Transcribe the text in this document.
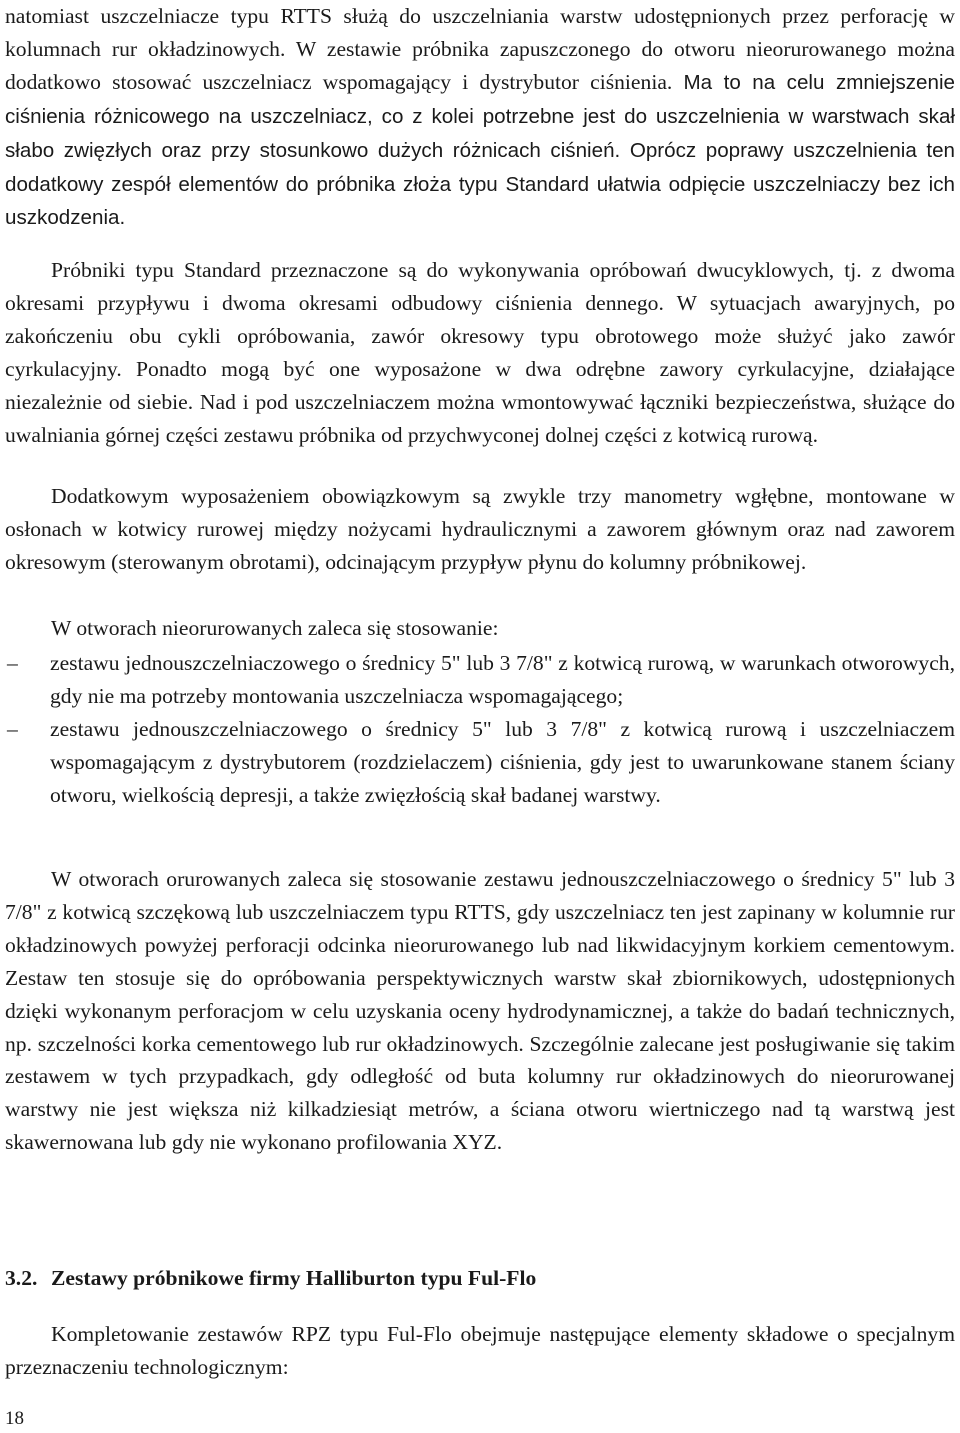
natomiast uszczelniacze typu RTTS służą do uszczelniania warstw udostępnionych przez perforację w kolumnach rur okładzinowych. W zestawie próbnika zapuszczonego do otworu nieorurowanego można dodatkowo stosować uszczelniacz wspomagający i dystrybutor ciśnienia. Ma to na celu zmniejszenie ciśnienia różnicowego na uszczelniacz, co z kolei potrzebne jest do uszczelnienia w warstwach skał słabo zwięzłych oraz przy stosunkowo dużych różnicach ciśnień. Oprócz poprawy uszczelnienia ten dodatkowy zespół elementów do próbnika złoża typu Standard ułatwia odpięcie uszczelniaczy bez ich uszkodzenia.

Próbniki typu Standard przeznaczone są do wykonywania opróbowań dwucyklowych, tj. z dwoma okresami przypływu i dwoma okresami odbudowy ciśnienia dennego. W sytuacjach awaryjnych, po zakończeniu obu cykli opróbowania, zawór okresowy typu obrotowego może służyć jako zawór cyrkulacyjny. Ponadto mogą być one wyposażone w dwa odrębne zawory cyrkulacyjne, działające niezależnie od siebie. Nad i pod uszczelniaczem można wmontowywać łączniki bezpieczeństwa, służące do uwalniania górnej części zestawu próbnika od przychwyconej dolnej części z kotwicą rurową.

Dodatkowym wyposażeniem obowiązkowym są zwykle trzy manometry wgłębne, montowane w osłonach w kotwicy rurowej między nożycami hydraulicznymi a zaworem głównym oraz nad zaworem okresowym (sterowanym obrotami), odcinającym przypływ płynu do kolumny próbnikowej.

W otworach nieorurowanych zaleca się stosowanie:

– zestawu jednouszczelniaczowego o średnicy 5" lub 3 7/8" z kotwicą rurową, w warunkach otworowych, gdy nie ma potrzeby montowania uszczelniacza wspomagającego;
– zestawu jednouszczelniaczowego o średnicy 5" lub 3 7/8" z kotwicą rurową i uszczelniaczem wspomagającym z dystrybutorem (rozdzielaczem) ciśnienia, gdy jest to uwarunkowane stanem ściany otworu, wielkością depresji, a także zwięzłością skał badanej warstwy.

W otworach orurowanych zaleca się stosowanie zestawu jednouszczelniaczowego o średnicy 5" lub 3 7/8" z kotwicą szczękową lub uszczelniaczem typu RTTS, gdy uszczelniacz ten jest zapinany w kolumnie rur okładzinowych powyżej perforacji odcinka nieorurowanego lub nad likwidacyjnym korkiem cementowym. Zestaw ten stosuje się do opróbowania perspektywicznych warstw skał zbiornikowych, udostępnionych dzięki wykonanym perforacjom w celu uzyskania oceny hydrodynamicznej, a także do badań technicznych, np. szczelności korka cementowego lub rur okładzinowych. Szczególnie zalecane jest posługiwanie się takim zestawem w tych przypadkach, gdy odległość od buta kolumny rur okładzinowych do nieorurowanej warstwy nie jest większa niż kilkadziesiąt metrów, a ściana otworu wiertniczego nad tą warstwą jest skawernowana lub gdy nie wykonano profilowania XYZ.

3.2. Zestawy próbnikowe firmy Halliburton typu Ful-Flo

Kompletowanie zestawów RPZ typu Ful-Flo obejmuje następujące elementy składowe o specjalnym przeznaczeniu technologicznym:

18
